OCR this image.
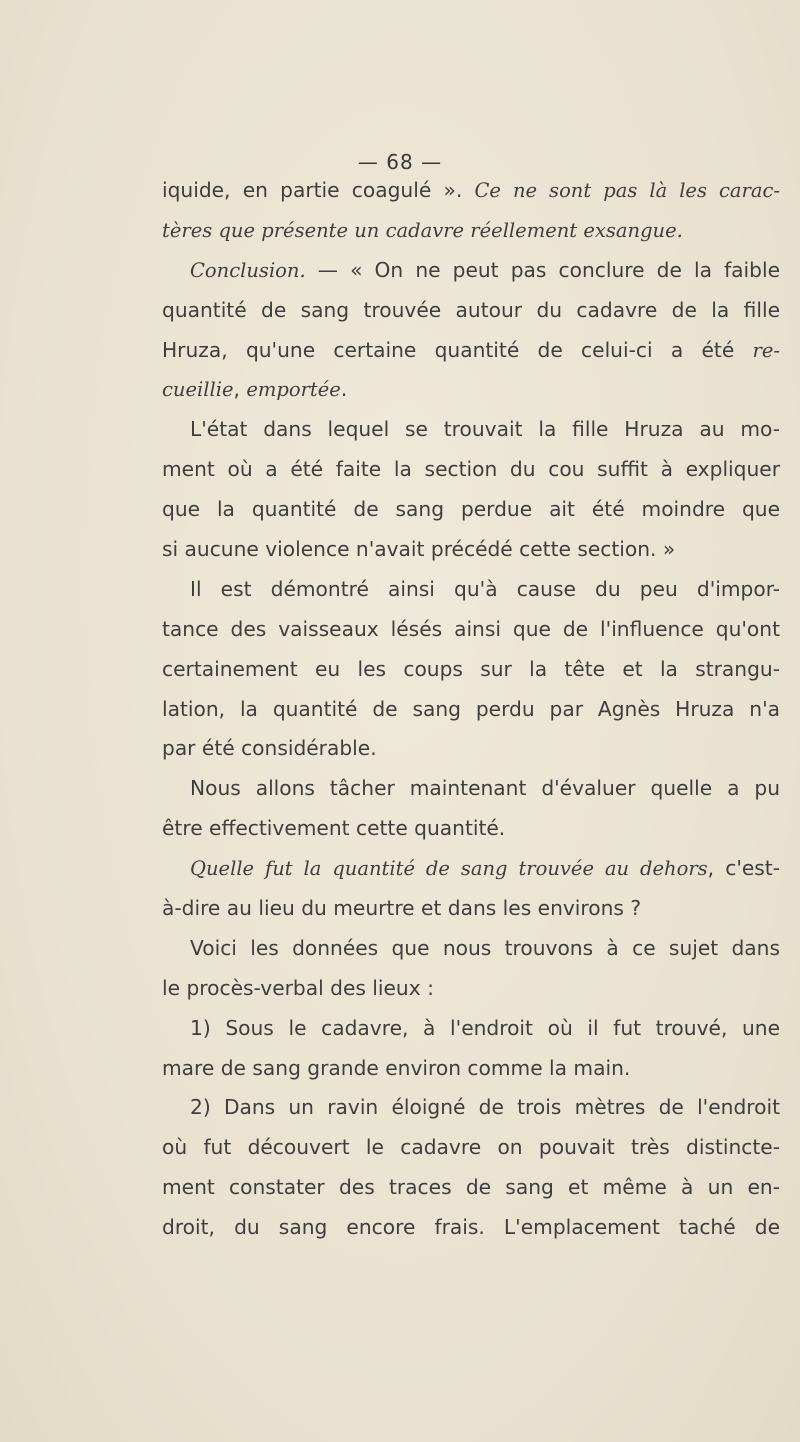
— 68 —
iquide, en partie coagulé ». Ce ne sont pas là les carac-
tères que présente un cadavre réellement exsangue.
Conclusion. — « On ne peut pas conclure de la faible
quantité de sang trouvée autour du cadavre de la fille
Hruza, qu'une certaine quantité de celui-ci a été re-
cueillie, emportée.
L'état dans lequel se trouvait la fille Hruza au mo-
ment où a été faite la section du cou suffit à expliquer
que la quantité de sang perdue ait été moindre que
si aucune violence n'avait précédé cette section. »
Il est démontré ainsi qu'à cause du peu d'impor-
tance des vaisseaux lésés ainsi que de l'influence qu'ont
certainement eu les coups sur la tête et la strangu-
lation, la quantité de sang perdu par Agnès Hruza n'a
par été considérable.
Nous allons tâcher maintenant d'évaluer quelle a pu
être effectivement cette quantité.
Quelle fut la quantité de sang trouvée au dehors, c'est-
à-dire au lieu du meurtre et dans les environs ?
Voici les données que nous trouvons à ce sujet dans
le procès-verbal des lieux :
1) Sous le cadavre, à l'endroit où il fut trouvé, une
mare de sang grande environ comme la main.
2) Dans un ravin éloigné de trois mètres de l'endroit
où fut découvert le cadavre on pouvait très distincte-
ment constater des traces de sang et même à un en-
droit, du sang encore frais. L'emplacement taché de
